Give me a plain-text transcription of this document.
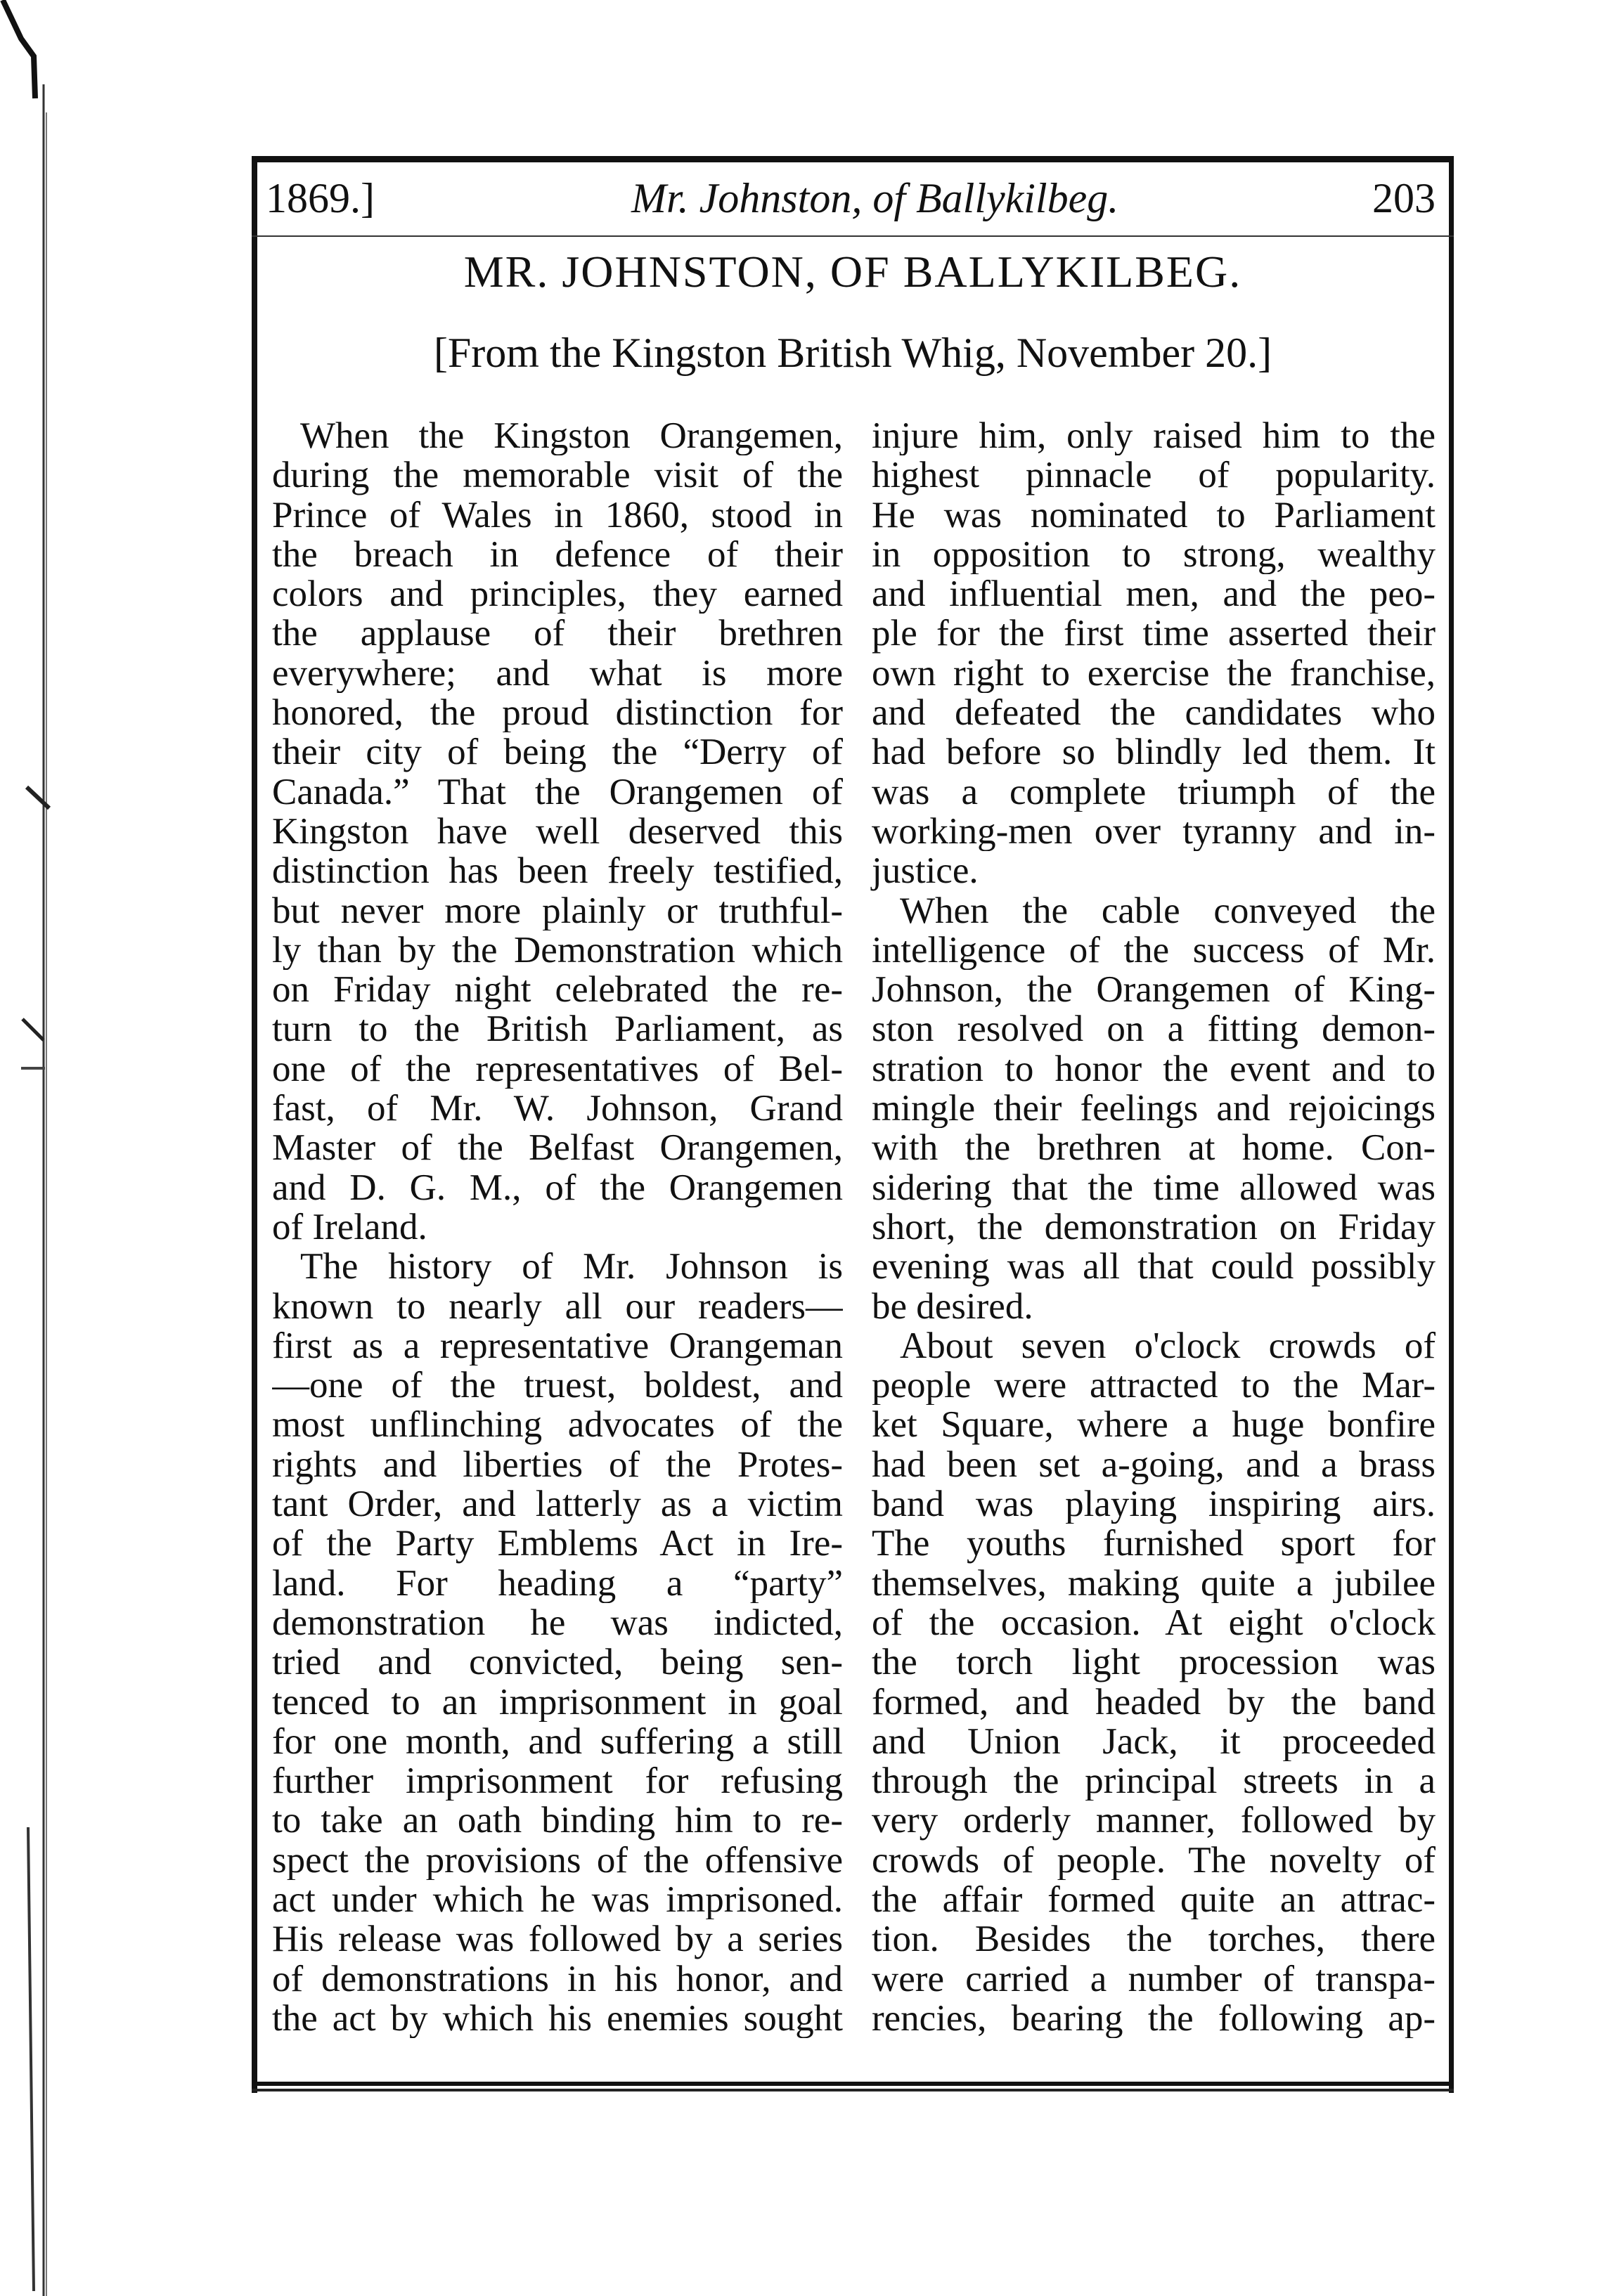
1869.]	Mr. Johnston, of Ballykilbeg.	203
MR. JOHNSTON, OF BALLYKILBEG.
[From the Kingston British Whig, November 20.]
When the Kingston Orangemen,
during the memorable visit of the
Prince of Wales in 1860, stood in
the breach in defence of their
colors and principles, they earned
the applause of their brethren
everywhere; and what is more
honored, the proud distinction for
their city of being the “Derry of
Canada.” That the Orangemen of
Kingston have well deserved this
distinction has been freely testified,
but never more plainly or truthful-
ly than by the Demonstration which
on Friday night celebrated the re-
turn to the British Parliament, as
one of the representatives of Bel-
fast, of Mr. W. Johnson, Grand
Master of the Belfast Orangemen,
and D. G. M., of the Orangemen
of Ireland.
The history of Mr. Johnson is
known to nearly all our readers—
first as a representative Orangeman
—one of the truest, boldest, and
most unflinching advocates of the
rights and liberties of the Protes-
tant Order, and latterly as a victim
of the Party Emblems Act in Ire-
land. For heading a “party”
demonstration he was indicted,
tried and convicted, being sen-
tenced to an imprisonment in goal
for one month, and suffering a still
further imprisonment for refusing
to take an oath binding him to re-
spect the provisions of the offensive
act under which he was imprisoned.
His release was followed by a series
of demonstrations in his honor, and
the act by which his enemies sought
injure him, only raised him to the
highest pinnacle of popularity.
He was nominated to Parliament
in opposition to strong, wealthy
and influential men, and the peo-
ple for the first time asserted their
own right to exercise the franchise,
and defeated the candidates who
had before so blindly led them. It
was a complete triumph of the
working-men over tyranny and in-
justice.
When the cable conveyed the
intelligence of the success of Mr.
Johnson, the Orangemen of King-
ston resolved on a fitting demon-
stration to honor the event and to
mingle their feelings and rejoicings
with the brethren at home. Con-
sidering that the time allowed was
short, the demonstration on Friday
evening was all that could possibly
be desired.
About seven o'clock crowds of
people were attracted to the Mar-
ket Square, where a huge bonfire
had been set a-going, and a brass
band was playing inspiring airs.
The youths furnished sport for
themselves, making quite a jubilee
of the occasion. At eight o'clock
the torch light procession was
formed, and headed by the band
and Union Jack, it proceeded
through the principal streets in a
very orderly manner, followed by
crowds of people. The novelty of
the affair formed quite an attrac-
tion. Besides the torches, there
were carried a number of transpa-
rencies, bearing the following ap-
